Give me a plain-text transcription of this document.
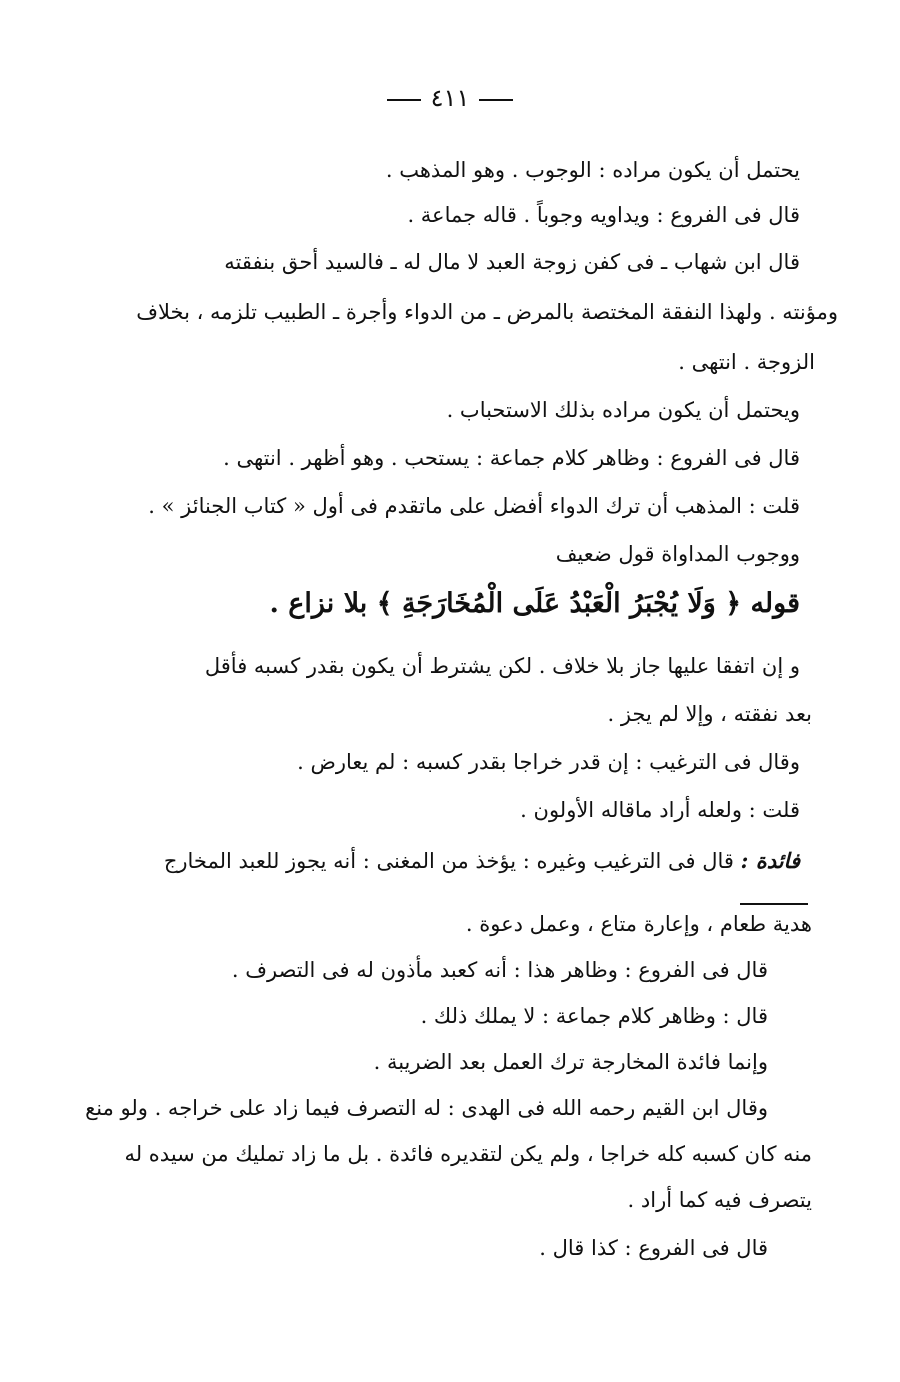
٤١١
يحتمل أن يكون مراده : الوجوب . وهو المذهب .
قال فى الفروع : ويداويه وجوباً . قاله جماعة .
قال ابن شهاب ـ فى كفن زوجة العبد لا مال له ـ فالسيد أحق بنفقته
ومؤنته . ولهذا النفقة المختصة بالمرض ـ من الدواء وأجرة ـ الطبيب تلزمه ، بخلاف
الزوجة . انتهى .
ويحتمل أن يكون مراده بذلك الاستحباب .
قال فى الفروع : وظاهر كلام جماعة : يستحب . وهو أظهر . انتهى .
قلت : المذهب أن ترك الدواء أفضل على ماتقدم فى أول « كتاب الجنائز » .
ووجوب المداواة قول ضعيف
قوله ﴿ وَلَا يُجْبَرُ الْعَبْدُ عَلَى الْمُخَارَجَةِ ﴾ بلا نزاع .
و إن اتفقا عليها جاز بلا خلاف . لكن يشترط أن يكون بقدر كسبه فأقل
بعد نفقته ، وإلا لم يجز .
وقال فى الترغيب : إن قدر خراجا بقدر كسبه : لم يعارض .
قلت : ولعله أراد ماقاله الأولون .
فائدة : قال فى الترغيب وغيره : يؤخذ من المغنى : أنه يجوز للعبد المخارج
هدية طعام ، وإعارة متاع ، وعمل دعوة .
قال فى الفروع : وظاهر هذا : أنه كعبد مأذون له فى التصرف .
قال : وظاهر كلام جماعة : لا يملك ذلك .
وإنما فائدة المخارجة ترك العمل بعد الضريبة .
وقال ابن القيم رحمه الله فى الهدى : له التصرف فيما زاد على خراجه . ولو منع
منه كان كسبه كله خراجا ، ولم يكن لتقديره فائدة . بل ما زاد تمليك من سيده له
يتصرف فيه كما أراد .
قال فى الفروع : كذا قال .
